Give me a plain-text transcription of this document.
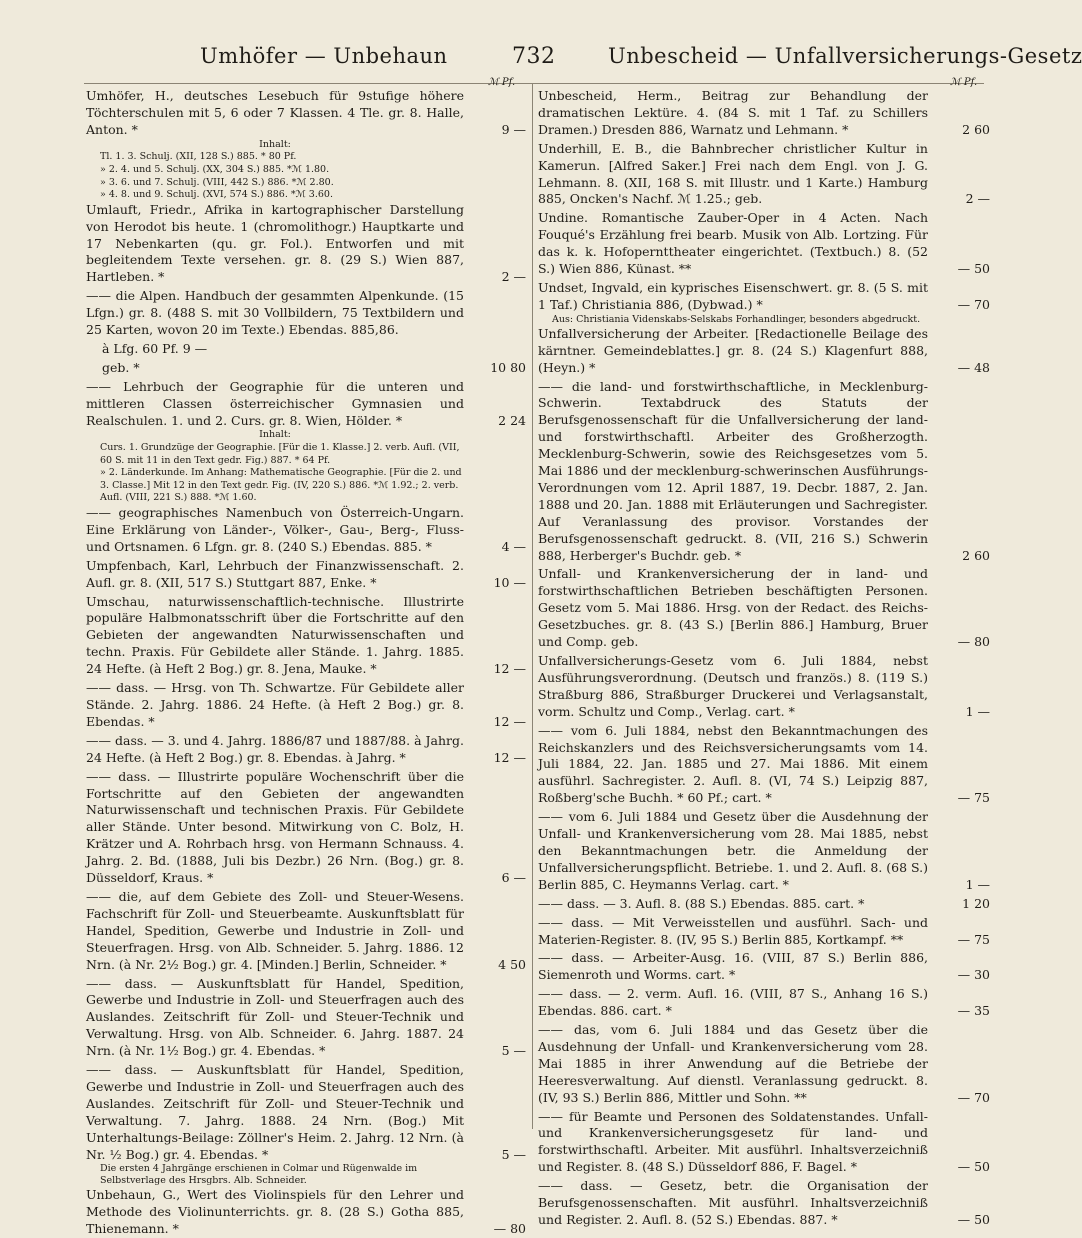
Umhöfer — Unbehaun	732	Unbescheid — Unfallversicherungs-Gesetz
ℳ Pf.	ℳ Pf.
Umhöfer, H., deutsches Lesebuch für 9stufige höhere Töchterschulen mit 5, 6 oder 7 Klassen. 4 Tle. gr. 8. Halle, Anton. *	9 —
Inhalt:
Tl. 1. 3. Schulj. (XII, 128 S.) 885. * 80 Pf.
» 2. 4. und 5. Schulj. (XX, 304 S.) 885. *ℳ 1.80.
» 3. 6. und 7. Schulj. (VIII, 442 S.) 886. *ℳ 2.80.
» 4. 8. und 9. Schulj. (XVI, 574 S.) 886. *ℳ 3.60.
Umlauft, Friedr., Afrika in kartographischer Darstellung von Herodot bis heute. 1 (chromolithogr.) Hauptkarte und 17 Nebenkarten (qu. gr. Fol.). Entworfen und mit begleitendem Texte versehen. gr. 8. (29 S.) Wien 887, Hartleben. *	2 —
—— die Alpen. Handbuch der gesammten Alpenkunde. (15 Lfgn.) gr. 8. (488 S. mit 30 Vollbildern, 75 Textbildern und 25 Karten, wovon 20 im Texte.) Ebendas. 885,86.
à Lfg. 60 Pf. 9 —
geb. *	10 80
—— Lehrbuch der Geographie für die unteren und mittleren Classen österreichischer Gymnasien und Realschulen. 1. und 2. Curs. gr. 8. Wien, Hölder. *	2 24
Inhalt:
Curs. 1. Grundzüge der Geographie. [Für die 1. Klasse.] 2. verb. Aufl. (VII, 60 S. mit 11 in den Text gedr. Fig.) 887. * 64 Pf.
» 2. Länderkunde. Im Anhang: Mathematische Geographie. [Für die 2. und 3. Classe.] Mit 12 in den Text gedr. Fig. (IV, 220 S.) 886. *ℳ 1.92.; 2. verb. Aufl. (VIII, 221 S.) 888. *ℳ 1.60.
—— geographisches Namenbuch von Österreich-Ungarn. Eine Erklärung von Länder-, Völker-, Gau-, Berg-, Fluss- und Ortsnamen. 6 Lfgn. gr. 8. (240 S.) Ebendas. 885. *	4 —
Umpfenbach, Karl, Lehrbuch der Finanzwissenschaft. 2. Aufl. gr. 8. (XII, 517 S.) Stuttgart 887, Enke. *	10 —
Umschau, naturwissenschaftlich-technische. Illustrirte populäre Halbmonatsschrift über die Fortschritte auf den Gebieten der angewandten Naturwissenschaften und techn. Praxis. Für Gebildete aller Stände. 1. Jahrg. 1885. 24 Hefte. (à Heft 2 Bog.) gr. 8. Jena, Mauke. *	12 —
—— dass. — Hrsg. von Th. Schwartze. Für Gebildete aller Stände. 2. Jahrg. 1886. 24 Hefte. (à Heft 2 Bog.) gr. 8. Ebendas. *	12 —
—— dass. — 3. und 4. Jahrg. 1886/87 und 1887/88. à Jahrg. 24 Hefte. (à Heft 2 Bog.) gr. 8. Ebendas. à Jahrg. *	12 —
—— dass. — Illustrirte populäre Wochenschrift über die Fortschritte auf den Gebieten der angewandten Naturwissenschaft und technischen Praxis. Für Gebildete aller Stände. Unter besond. Mitwirkung von C. Bolz, H. Krätzer und A. Rohrbach hrsg. von Hermann Schnauss. 4. Jahrg. 2. Bd. (1888, Juli bis Dezbr.) 26 Nrn. (Bog.) gr. 8. Düsseldorf, Kraus. *	6 —
—— die, auf dem Gebiete des Zoll- und Steuer-Wesens. Fachschrift für Zoll- und Steuerbeamte. Auskunftsblatt für Handel, Spedition, Gewerbe und Industrie in Zoll- und Steuerfragen. Hrsg. von Alb. Schneider. 5. Jahrg. 1886. 12 Nrn. (à Nr. 2½ Bog.) gr. 4. [Minden.] Berlin, Schneider. *	4 50
—— dass. — Auskunftsblatt für Handel, Spedition, Gewerbe und Industrie in Zoll- und Steuerfragen auch des Auslandes. Zeitschrift für Zoll- und Steuer-Technik und Verwaltung. Hrsg. von Alb. Schneider. 6. Jahrg. 1887. 24 Nrn. (à Nr. 1½ Bog.) gr. 4. Ebendas. *	5 —
—— dass. — Auskunftsblatt für Handel, Spedition, Gewerbe und Industrie in Zoll- und Steuerfragen auch des Auslandes. Zeitschrift für Zoll- und Steuer-Technik und Verwaltung. 7. Jahrg. 1888. 24 Nrn. (Bog.) Mit Unterhaltungs-Beilage: Zöllner's Heim. 2. Jahrg. 12 Nrn. (à Nr. ½ Bog.) gr. 4. Ebendas. *	5 —
Die ersten 4 Jahrgänge erschienen in Colmar und Rügenwalde im Selbstverlage des Hrsgbrs. Alb. Schneider.
Unbehaun, G., Wert des Violinspiels für den Lehrer und Methode des Violinunterrichts. gr. 8. (28 S.) Gotha 885, Thienemann. *	— 80
Unbescheid, Herm., Beitrag zur Behandlung der dramatischen Lektüre. 4. (84 S. mit 1 Taf. zu Schillers Dramen.) Dresden 886, Warnatz und Lehmann. *	2 60
Underhill, E. B., die Bahnbrecher christlicher Kultur in Kamerun. [Alfred Saker.] Frei nach dem Engl. von J. G. Lehmann. 8. (XII, 168 S. mit Illustr. und 1 Karte.) Hamburg 885, Oncken's Nachf. ℳ 1.25.; geb.	2 —
Undine. Romantische Zauber-Oper in 4 Acten. Nach Fouqué's Erzählung frei bearb. Musik von Alb. Lortzing. Für das k. k. Hofopernttheater eingerichtet. (Textbuch.) 8. (52 S.) Wien 886, Künast. **	— 50
Undset, Ingvald, ein kyprisches Eisenschwert. gr. 8. (5 S. mit 1 Taf.) Christiania 886, (Dybwad.) *	— 70
Aus: Christiania Videnskabs-Selskabs Forhandlinger, besonders abgedruckt.
Unfallversicherung der Arbeiter. [Redactionelle Beilage des kärntner. Gemeindeblattes.] gr. 8. (24 S.) Klagenfurt 888, (Heyn.) *	— 48
—— die land- und forstwirthschaftliche, in Mecklenburg-Schwerin. Textabdruck des Statuts der Berufsgenossenschaft für die Unfallversicherung der land- und forstwirthschaftl. Arbeiter des Großherzogth. Mecklenburg-Schwerin, sowie des Reichsgesetzes vom 5. Mai 1886 und der mecklenburg-schwerinschen Ausführungs-Verordnungen vom 12. April 1887, 19. Decbr. 1887, 2. Jan. 1888 und 20. Jan. 1888 mit Erläuterungen und Sachregister. Auf Veranlassung des provisor. Vorstandes der Berufsgenossenschaft gedruckt. 8. (VII, 216 S.) Schwerin 888, Herberger's Buchdr. geb. *	2 60
Unfall- und Krankenversicherung der in land- und forstwirthschaftlichen Betrieben beschäftigten Personen. Gesetz vom 5. Mai 1886. Hrsg. von der Redact. des Reichs-Gesetzbuches. gr. 8. (43 S.) [Berlin 886.] Hamburg, Bruer und Comp. geb.	— 80
Unfallversicherungs-Gesetz vom 6. Juli 1884, nebst Ausführungsverordnung. (Deutsch und französ.) 8. (119 S.) Straßburg 886, Straßburger Druckerei und Verlagsanstalt, vorm. Schultz und Comp., Verlag. cart. *	1 —
—— vom 6. Juli 1884, nebst den Bekanntmachungen des Reichskanzlers und des Reichsversicherungsamts vom 14. Juli 1884, 22. Jan. 1885 und 27. Mai 1886. Mit einem ausführl. Sachregister. 2. Aufl. 8. (VI, 74 S.) Leipzig 887, Roßberg'sche Buchh. * 60 Pf.; cart. *	— 75
—— vom 6. Juli 1884 und Gesetz über die Ausdehnung der Unfall- und Krankenversicherung vom 28. Mai 1885, nebst den Bekanntmachungen betr. die Anmeldung der Unfallversicherungspflicht. Betriebe. 1. und 2. Aufl. 8. (68 S.) Berlin 885, C. Heymanns Verlag. cart. *	1 —
—— dass. — 3. Aufl. 8. (88 S.) Ebendas. 885. cart. *	1 20
—— dass. — Mit Verweisstellen und ausführl. Sach- und Materien-Register. 8. (IV, 95 S.) Berlin 885, Kortkampf. **	— 75
—— dass. — Arbeiter-Ausg. 16. (VIII, 87 S.) Berlin 886, Siemenroth und Worms. cart. *	— 30
—— dass. — 2. verm. Aufl. 16. (VIII, 87 S., Anhang 16 S.) Ebendas. 886. cart. *	— 35
—— das, vom 6. Juli 1884 und das Gesetz über die Ausdehnung der Unfall- und Krankenversicherung vom 28. Mai 1885 in ihrer Anwendung auf die Betriebe der Heeresverwaltung. Auf dienstl. Veranlassung gedruckt. 8. (IV, 93 S.) Berlin 886, Mittler und Sohn. **	— 70
—— für Beamte und Personen des Soldatenstandes. Unfall- und Krankenversicherungsgesetz für land- und forstwirthschaftl. Arbeiter. Mit ausführl. Inhaltsverzeichniß und Register. 8. (48 S.) Düsseldorf 886, F. Bagel. *	— 50
—— dass. — Gesetz, betr. die Organisation der Berufsgenossenschaften. Mit ausführl. Inhaltsverzeichniß und Register. 2. Aufl. 8. (52 S.) Ebendas. 887. *	— 50
